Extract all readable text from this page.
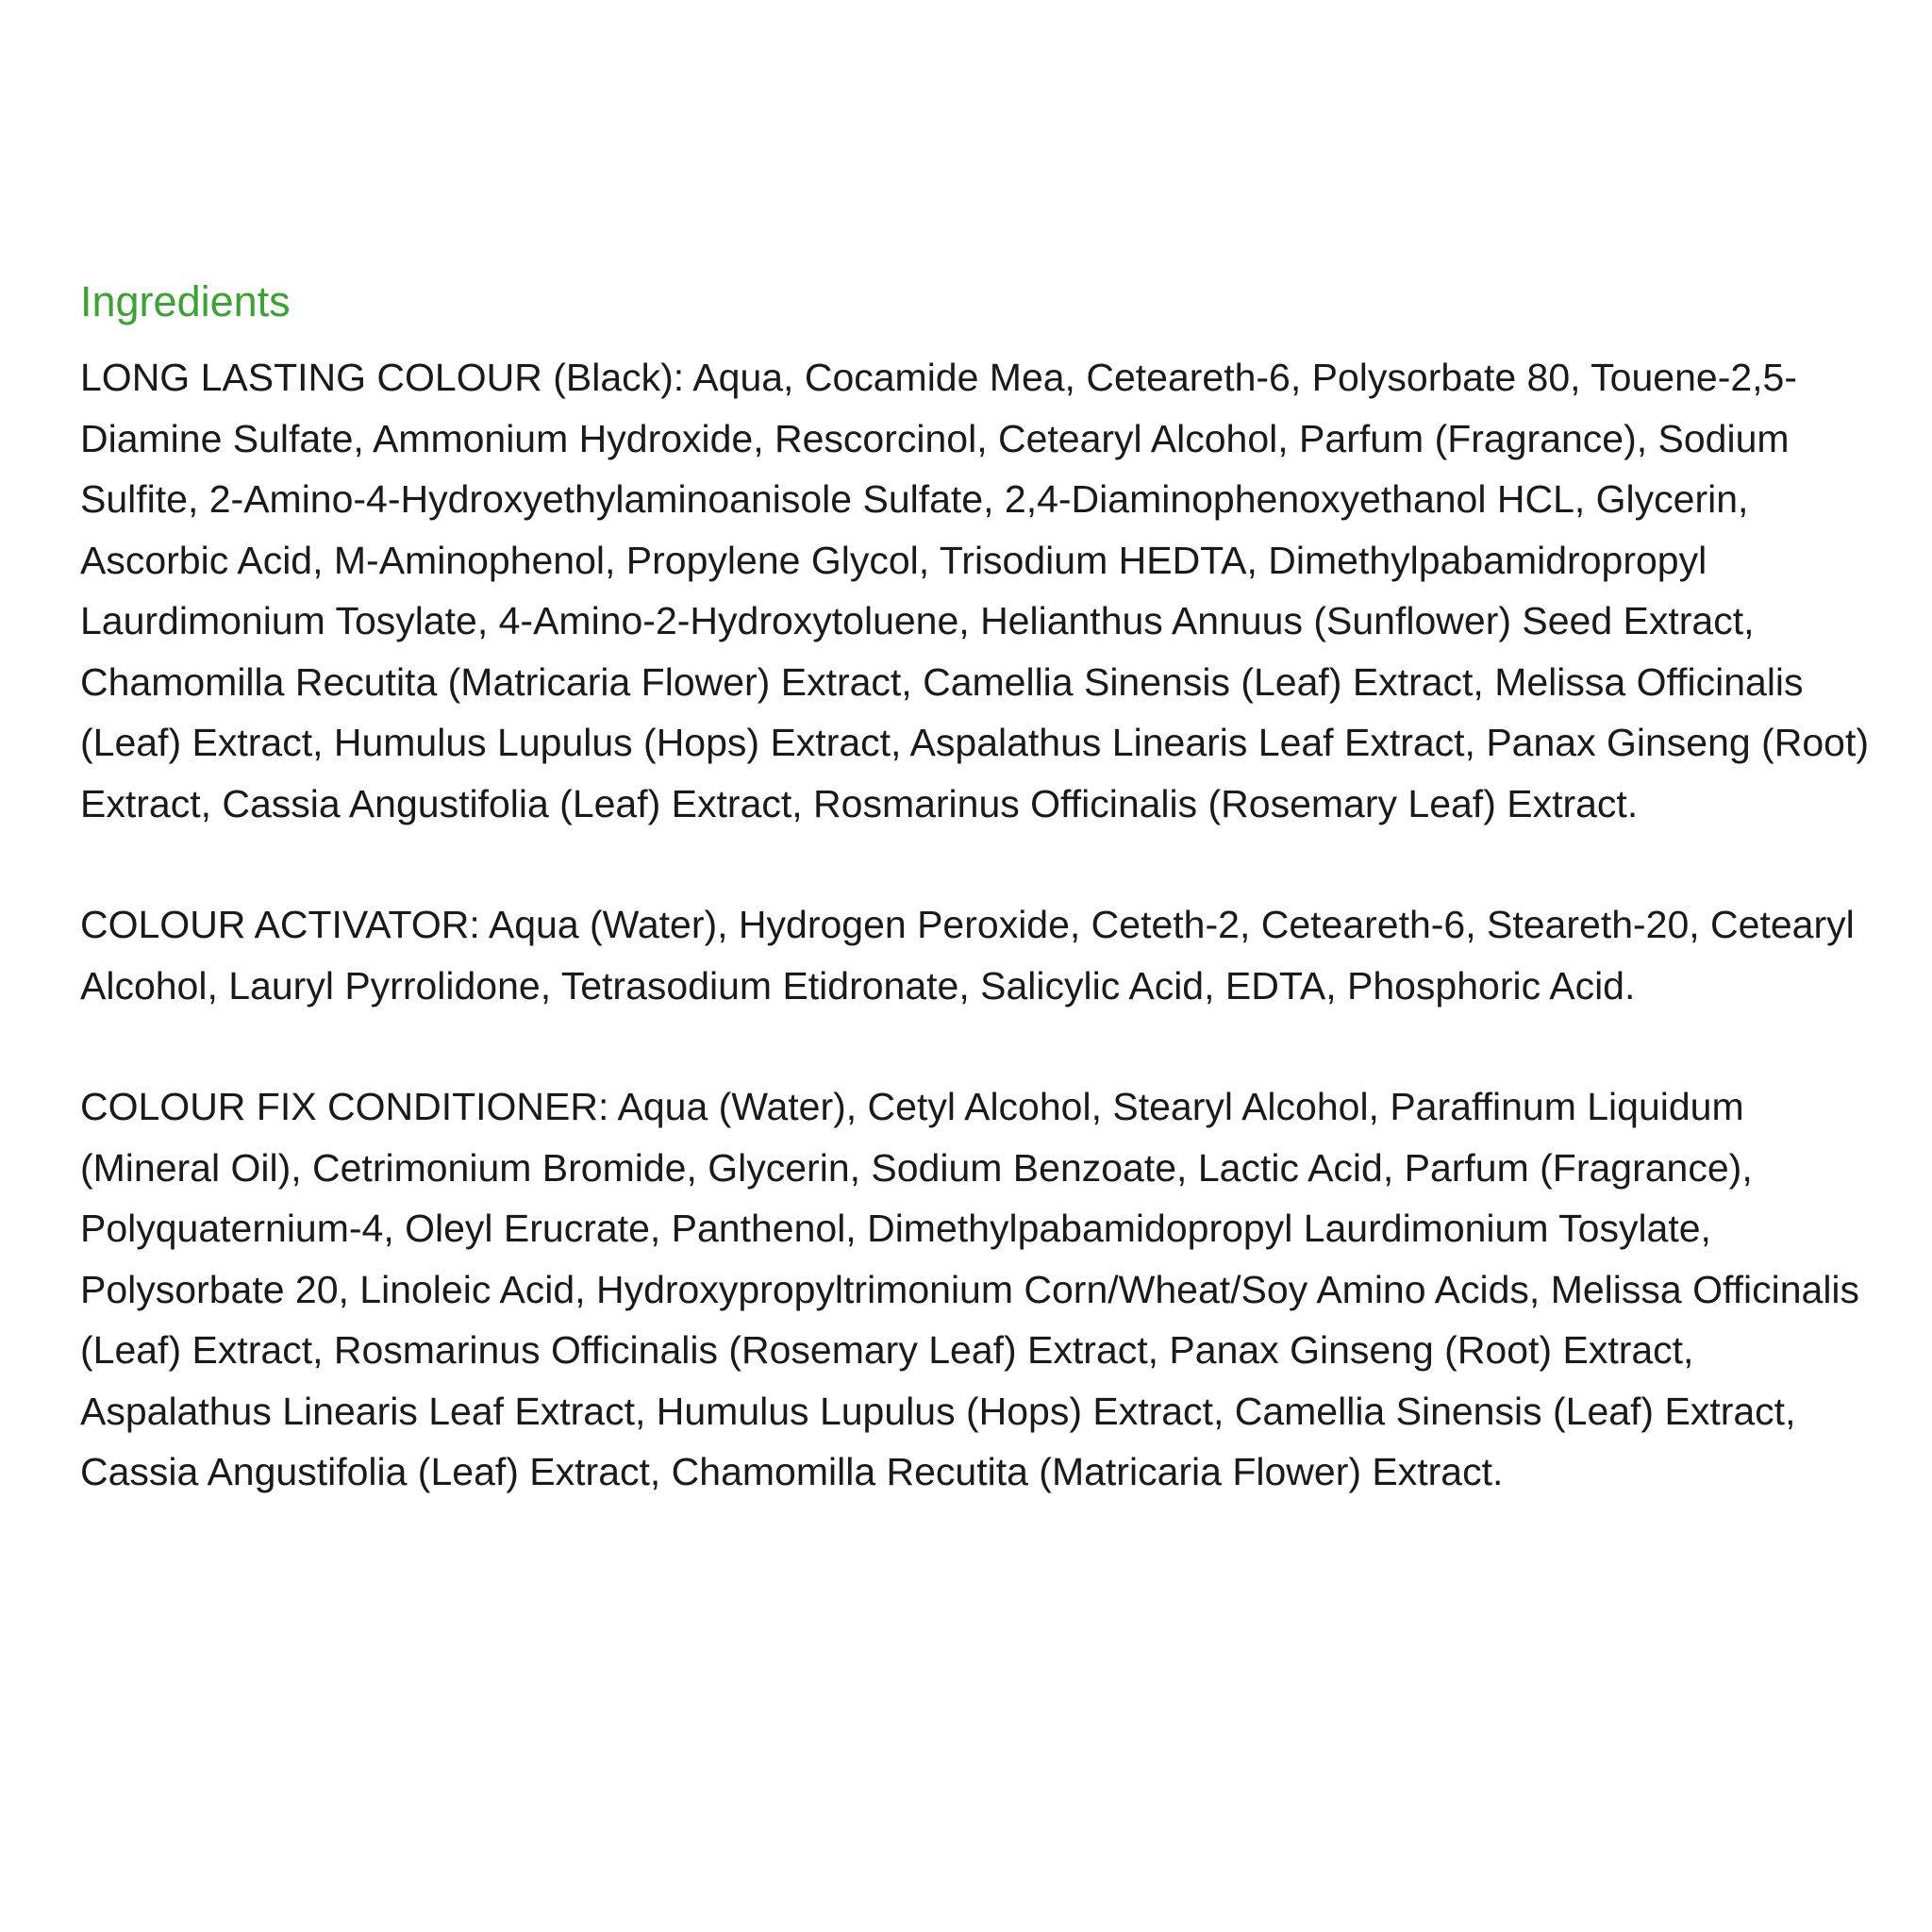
Ingredients

LONG LASTING COLOUR (Black): Aqua, Cocamide Mea, Ceteareth-6, Polysorbate 80, Touene-2,5-Diamine Sulfate, Ammonium Hydroxide, Rescorcinol, Cetearyl Alcohol, Parfum (Fragrance), Sodium Sulfite, 2-Amino-4-Hydroxyethylaminoanisole Sulfate, 2,4-Diaminophenoxyethanol HCL, Glycerin, Ascorbic Acid, M-Aminophenol, Propylene Glycol, Trisodium HEDTA, Dimethylpabamidropropyl Laurdimonium Tosylate, 4-Amino-2-Hydroxytoluene, Helianthus Annuus (Sunflower) Seed Extract, Chamomilla Recutita (Matricaria Flower) Extract, Camellia Sinensis (Leaf) Extract, Melissa Officinalis (Leaf) Extract, Humulus Lupulus (Hops) Extract, Aspalathus Linearis Leaf Extract, Panax Ginseng (Root) Extract, Cassia Angustifolia (Leaf) Extract, Rosmarinus Officinalis (Rosemary Leaf) Extract.

COLOUR ACTIVATOR: Aqua (Water), Hydrogen Peroxide, Ceteth-2, Ceteareth-6, Steareth-20, Cetearyl Alcohol, Lauryl Pyrrolidone, Tetrasodium Etidronate, Salicylic Acid, EDTA, Phosphoric Acid.

COLOUR FIX CONDITIONER: Aqua (Water), Cetyl Alcohol, Stearyl Alcohol, Paraffinum Liquidum (Mineral Oil), Cetrimonium Bromide, Glycerin, Sodium Benzoate, Lactic Acid, Parfum (Fragrance), Polyquaternium-4, Oleyl Erucrate, Panthenol, Dimethylpabamidopropyl Laurdimonium Tosylate, Polysorbate 20, Linoleic Acid, Hydroxypropyltrimonium Corn/Wheat/Soy Amino Acids, Melissa Officinalis (Leaf) Extract, Rosmarinus Officinalis (Rosemary Leaf) Extract, Panax Ginseng (Root) Extract, Aspalathus Linearis Leaf Extract, Humulus Lupulus (Hops) Extract, Camellia Sinensis (Leaf) Extract, Cassia Angustifolia (Leaf) Extract, Chamomilla Recutita (Matricaria Flower) Extract.
